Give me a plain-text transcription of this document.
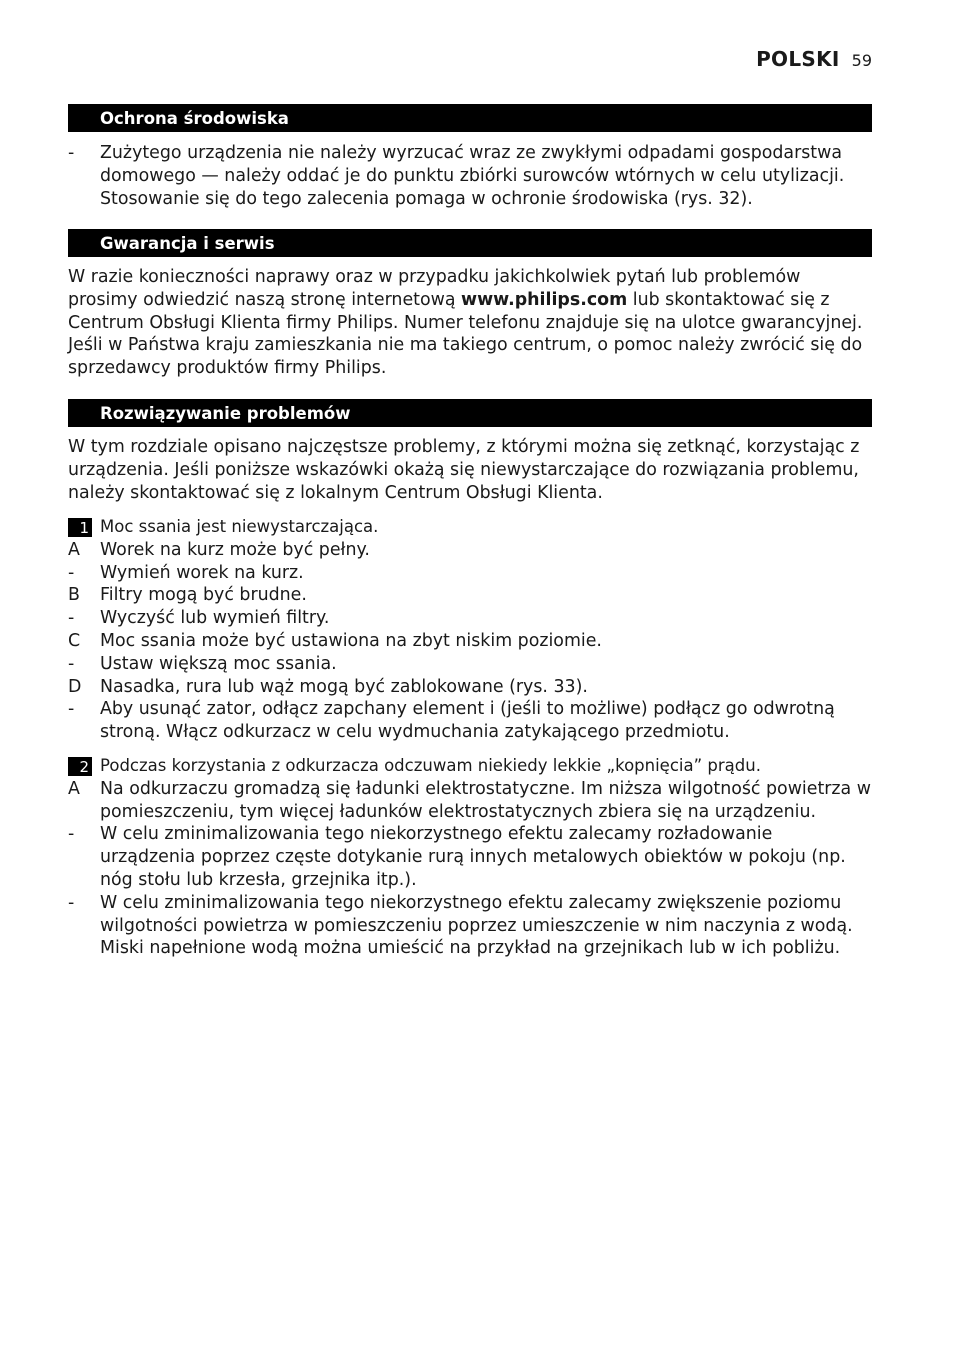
POLSKI 59
Ochrona środowiska
-	Zużytego urządzenia nie należy wyrzucać wraz ze zwykłymi odpadami gospodarstwa domowego — należy oddać je do punktu zbiórki surowców wtórnych w celu utylizacji. Stosowanie się do tego zalecenia pomaga w ochronie środowiska (rys. 32).
Gwarancja i serwis

W razie konieczności naprawy oraz w przypadku jakichkolwiek pytań lub problemów prosimy odwiedzić naszą stronę internetową www.philips.com lub skontaktować się z Centrum Obsługi Klienta firmy Philips. Numer telefonu znajduje się na ulotce gwarancyjnej. Jeśli w Państwa kraju zamieszkania nie ma takiego centrum, o pomoc należy zwrócić się do sprzedawcy produktów firmy Philips.

Rozwiązywanie problemów

W tym rozdziale opisano najczęstsze problemy, z którymi można się zetknąć, korzystając z urządzenia. Jeśli poniższe wskazówki okażą się niewystarczające do rozwiązania problemu, należy skontaktować się z lokalnym Centrum Obsługi Klienta.

1 Moc ssania jest niewystarczająca.
A	Worek na kurz może być pełny.
-	Wymień worek na kurz.
B	Filtry mogą być brudne.
-	Wyczyść lub wymień filtry.
C	Moc ssania może być ustawiona na zbyt niskim poziomie.
-	Ustaw większą moc ssania.
D	Nasadka, rura lub wąż mogą być zablokowane (rys. 33).
-	Aby usunąć zator, odłącz zapchany element i (jeśli to możliwe) podłącz go odwrotną stroną. Włącz odkurzacz w celu wydmuchania zatykającego przedmiotu.
2 Podczas korzystania z odkurzacza odczuwam niekiedy lekkie „kopnięcia” prądu.
A	Na odkurzaczu gromadzą się ładunki elektrostatyczne. Im niższa wilgotność powietrza w pomieszczeniu, tym więcej ładunków elektrostatycznych zbiera się na urządzeniu.
-	W celu zminimalizowania tego niekorzystnego efektu zalecamy rozładowanie urządzenia poprzez częste dotykanie rurą innych metalowych obiektów w pokoju (np. nóg stołu lub krzesła, grzejnika itp.).
-	W celu zminimalizowania tego niekorzystnego efektu zalecamy zwiększenie poziomu wilgotności powietrza w pomieszczeniu poprzez umieszczenie w nim naczynia z wodą. Miski napełnione wodą można umieścić na przykład na grzejnikach lub w ich pobliżu.
